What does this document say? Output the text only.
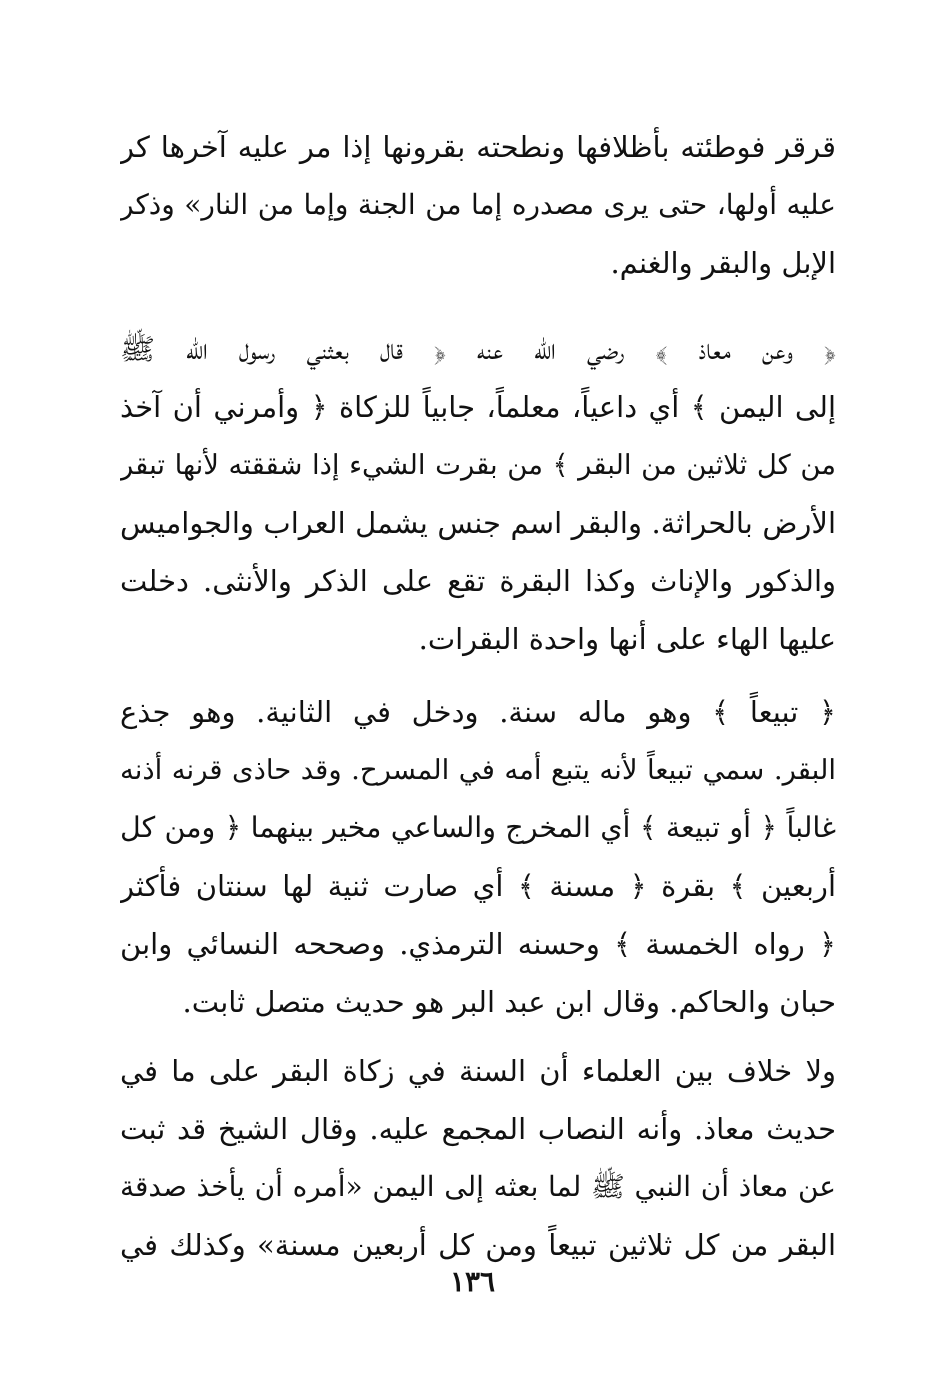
قرقر فوطئته بأظلافها ونطحته بقرونها إذا مر عليه آخرها كر
عليه أولها، حتى يرى مصدره إما من الجنة وإما من النار» وذكر
الإبل والبقر والغنم.
﴿ وعن معاذ ﴾ رضي الله عنه ﴿ قال بعثني رسول الله ﷺ
إلى اليمن ﴾ أي داعياً، معلماً، جابياً للزكاة ﴿ وأمرني أن آخذ
من كل ثلاثين من البقر ﴾ من بقرت الشيء إذا شققته لأنها تبقر
الأرض بالحراثة. والبقر اسم جنس يشمل العراب والجواميس
والذكور والإناث وكذا البقرة تقع على الذكر والأنثى. دخلت
عليها الهاء على أنها واحدة البقرات.
﴿ تبيعاً ﴾ وهو ماله سنة. ودخل في الثانية. وهو جذع
البقر. سمي تبيعاً لأنه يتبع أمه في المسرح. وقد حاذى قرنه أذنه
غالباً ﴿ أو تبيعة ﴾ أي المخرج والساعي مخير بينهما ﴿ ومن كل
أربعين ﴾ بقرة ﴿ مسنة ﴾ أي صارت ثنية لها سنتان فأكثر
﴿ رواه الخمسة ﴾ وحسنه الترمذي. وصححه النسائي وابن
حبان والحاكم. وقال ابن عبد البر هو حديث متصل ثابت.
ولا خلاف بين العلماء أن السنة في زكاة البقر على ما في
حديث معاذ. وأنه النصاب المجمع عليه. وقال الشيخ قد ثبت
عن معاذ أن النبي ﷺ لما بعثه إلى اليمن «أمره أن يأخذ صدقة
البقر من كل ثلاثين تبيعاً ومن كل أربعين مسنة» وكذلك في
١٣٦
